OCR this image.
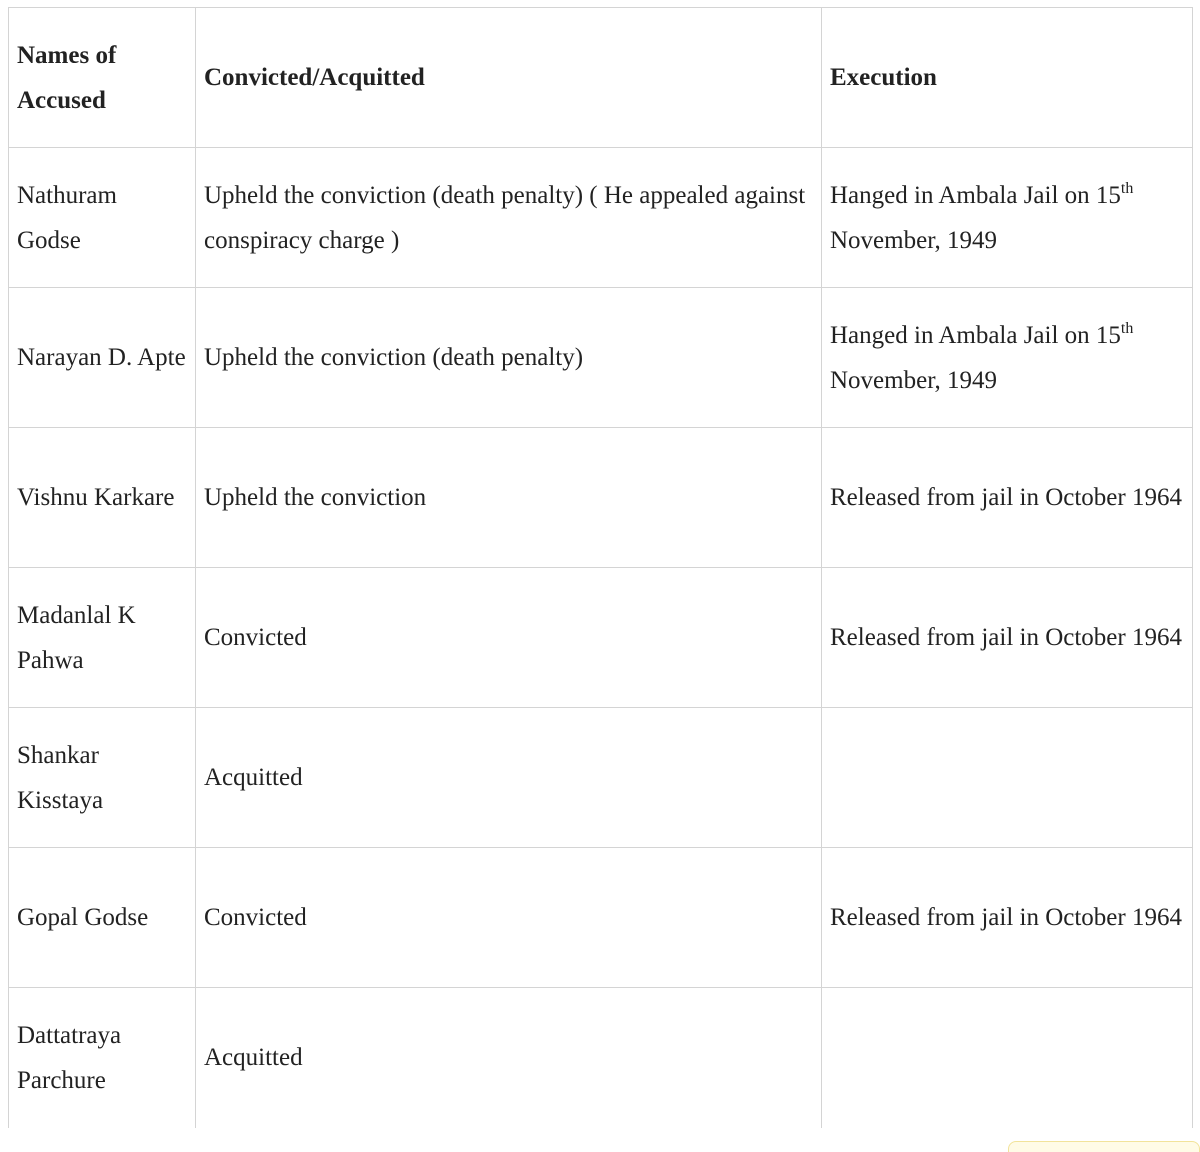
Names of Accused	Convicted/Acquitted	Execution
Nathuram Godse	Upheld the conviction (death penalty) ( He appealed against conspiracy charge )	Hanged in Ambala Jail on 15th November, 1949
Narayan D. Apte	Upheld the conviction (death penalty)	Hanged in Ambala Jail on 15th November, 1949
Vishnu Karkare	Upheld the conviction	Released from jail in October 1964
Madanlal K Pahwa	Convicted	Released from jail in October 1964
Shankar Kisstaya	Acquitted	
Gopal Godse	Convicted	Released from jail in October 1964
Dattatraya Parchure	Acquitted	
